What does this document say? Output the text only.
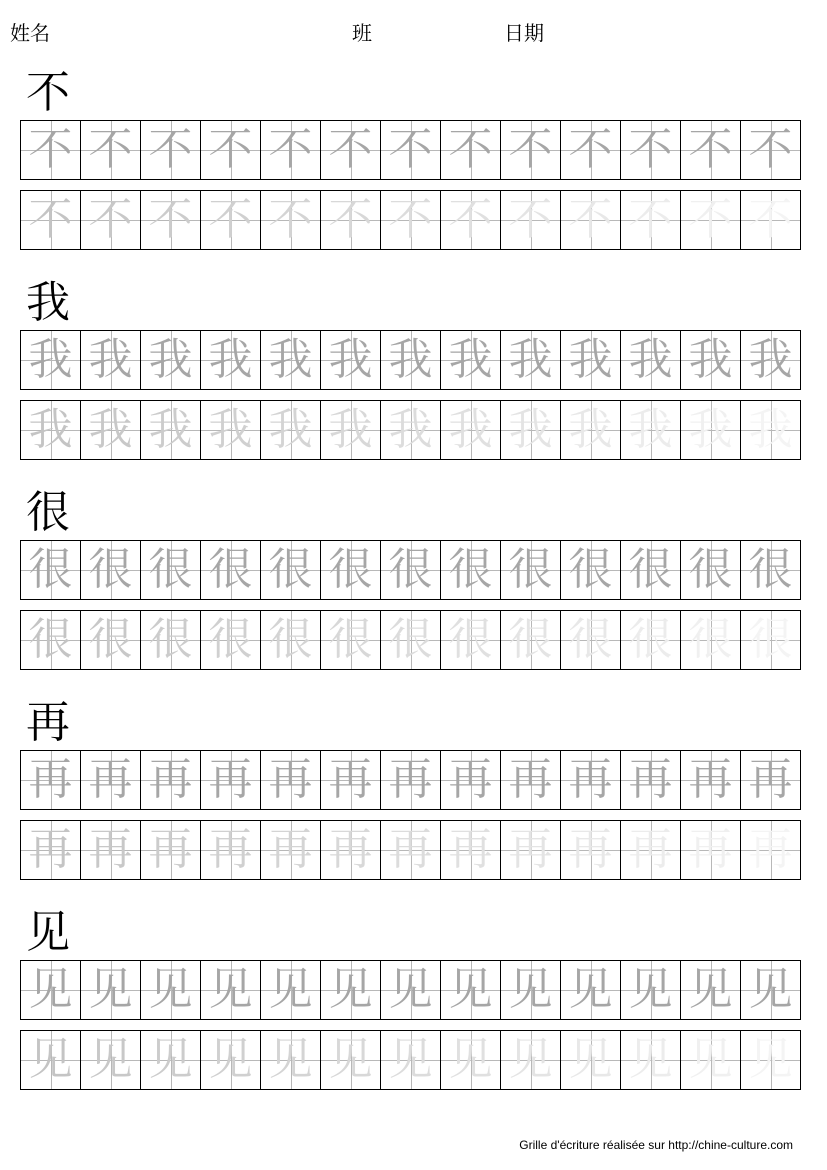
姓名	班	日期
不
不 不 不 不 不 不 不 不 不 不 不 不 不
不 不 不 不 不 不 不 不 不 不 不 不 不
我
我 我 我 我 我 我 我 我 我 我 我 我 我
我 我 我 我 我 我 我 我 我 我 我 我 我
很
很 很 很 很 很 很 很 很 很 很 很 很 很
很 很 很 很 很 很 很 很 很 很 很 很 很
再
再 再 再 再 再 再 再 再 再 再 再 再 再
再 再 再 再 再 再 再 再 再 再 再 再 再
见
见 见 见 见 见 见 见 见 见 见 见 见 见
见 见 见 见 见 见 见 见 见 见 见 见 见
Grille d'écriture réalisée sur http://chine-culture.com
